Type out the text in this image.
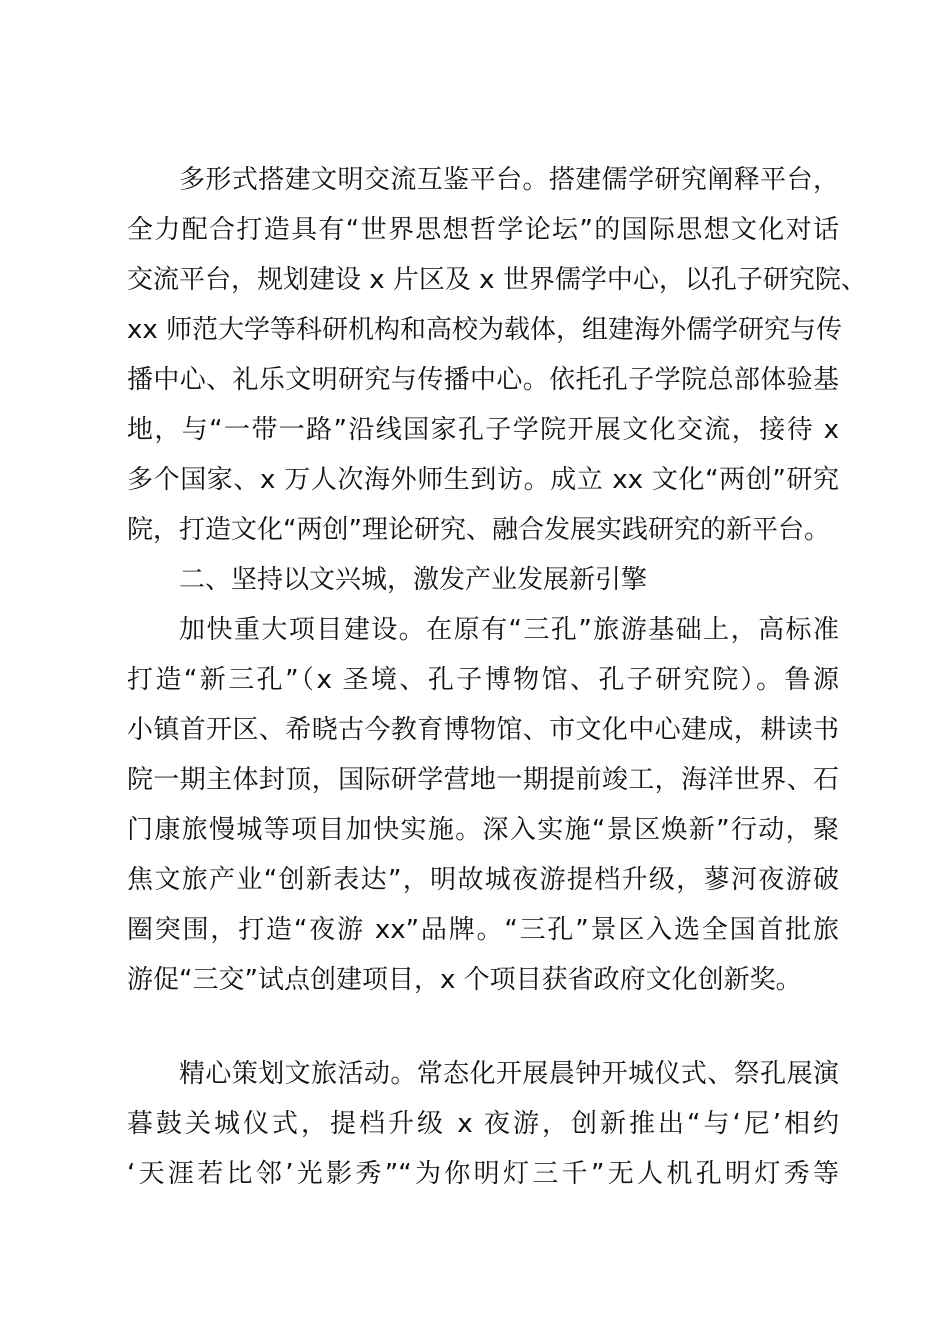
多形式搭建文明交流互鉴平台。搭建儒学研究阐释平台，
全力配合打造具有“世界思想哲学论坛”的国际思想文化对话
交流平台，规划建设 x 片区及 x 世界儒学中心，以孔子研究院、
xx 师范大学等科研机构和高校为载体，组建海外儒学研究与传
播中心、礼乐文明研究与传播中心。依托孔子学院总部体验基
地，与“一带一路”沿线国家孔子学院开展文化交流，接待 x
多个国家、x 万人次海外师生到访。成立 xx 文化“两创”研究
院，打造文化“两创”理论研究、融合发展实践研究的新平台。
二、坚持以文兴城，激发产业发展新引擎
加快重大项目建设。在原有“三孔”旅游基础上，高标准
打造“新三孔”（x 圣境、孔子博物馆、孔子研究院）。鲁源
小镇首开区、希晓古今教育博物馆、市文化中心建成，耕读书
院一期主体封顶，国际研学营地一期提前竣工，海洋世界、石
门康旅慢城等项目加快实施。深入实施“景区焕新”行动，聚
焦文旅产业“创新表达”，明故城夜游提档升级，蓼河夜游破
圈突围，打造“夜游 xx”品牌。“三孔”景区入选全国首批旅
游促“三交”试点创建项目，x 个项目获省政府文化创新奖。
精心策划文旅活动。常态化开展晨钟开城仪式、祭孔展演
暮鼓关城仪式，提档升级 x 夜游，创新推出“与‘尼’相约
‘天涯若比邻’光影秀”“为你明灯三千”无人机孔明灯秀等
